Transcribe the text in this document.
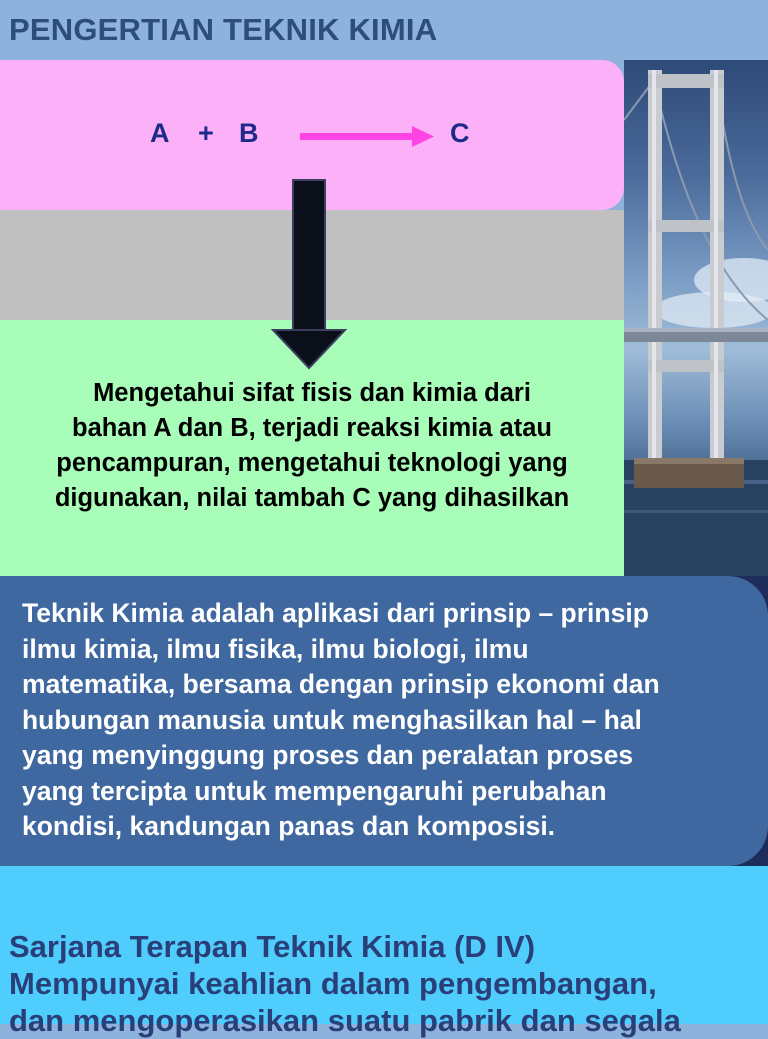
PENGERTIAN TEKNIK KIMIA
A + B	C
Mengetahui sifat fisis dan kimia dari
bahan A dan B, terjadi reaksi kimia atau
pencampuran, mengetahui teknologi yang
digunakan, nilai tambah C yang dihasilkan
Teknik Kimia adalah aplikasi dari prinsip – prinsip
ilmu kimia, ilmu fisika, ilmu biologi, ilmu
matematika, bersama dengan prinsip ekonomi dan
hubungan manusia untuk menghasilkan hal – hal
yang menyinggung proses dan peralatan proses
yang tercipta untuk mempengaruhi perubahan
kondisi, kandungan panas dan komposisi.
Sarjana Terapan Teknik Kimia (D IV)
Mempunyai keahlian dalam pengembangan,
dan mengoperasikan suatu pabrik dan segala
